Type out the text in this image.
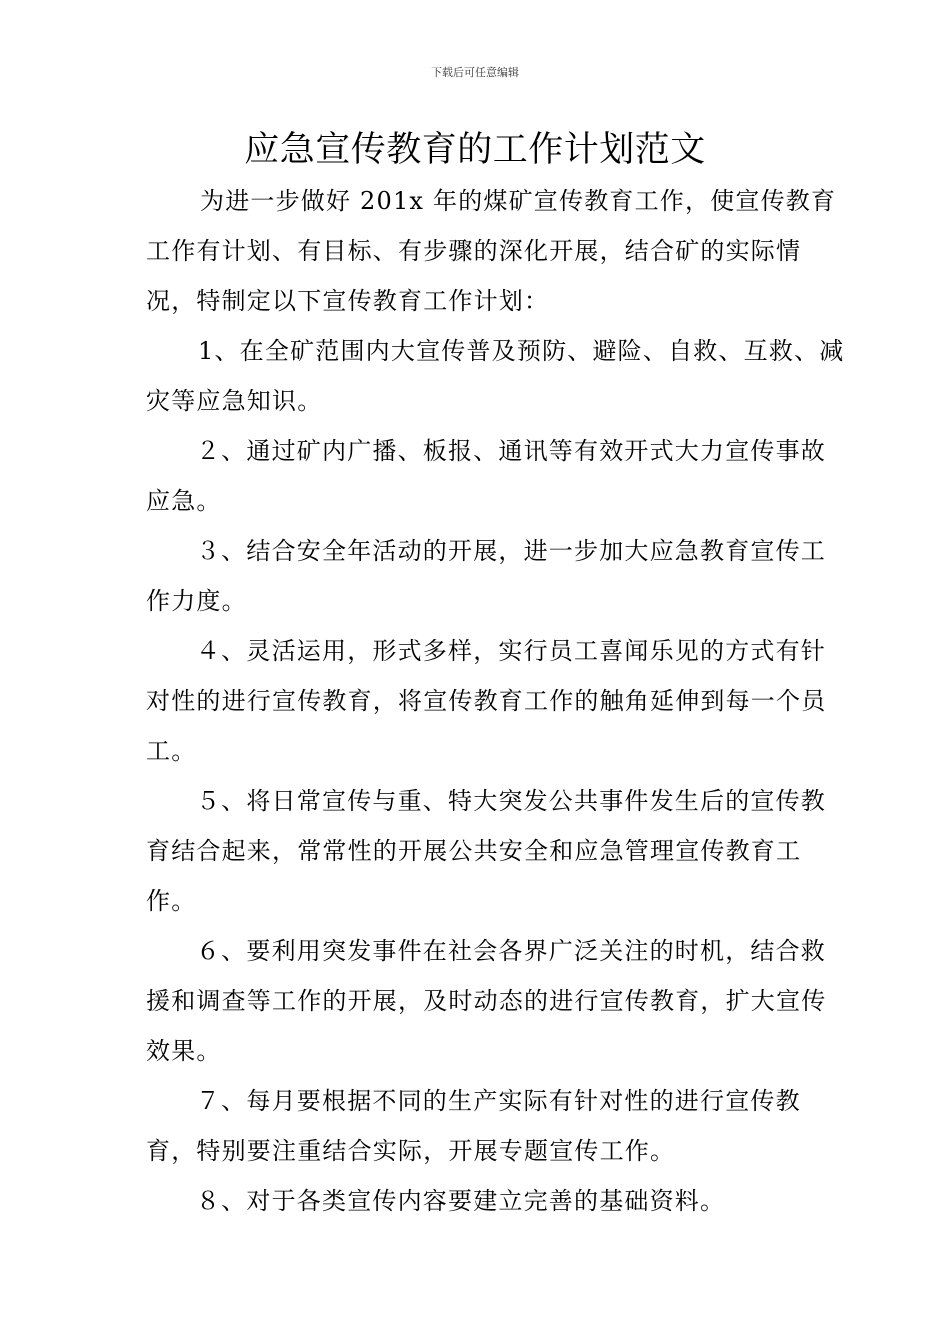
下载后可任意编辑
应急宣传教育的工作计划范文

为进一步做好 201x 年的煤矿宣传教育工作，使宣传教育工作有计划、有目标、有步骤的深化开展，结合矿的实际情况，特制定以下宣传教育工作计划：

1、在全矿范围内大宣传普及预防、避险、自救、互救、减灾等应急知识。

２、通过矿内广播、板报、通讯等有效开式大力宣传事故应急。

３、结合安全年活动的开展，进一步加大应急教育宣传工作力度。

４、灵活运用，形式多样，实行员工喜闻乐见的方式有针对性的进行宣传教育，将宣传教育工作的触角延伸到每一个员工。

５、将日常宣传与重、特大突发公共事件发生后的宣传教育结合起来，常常性的开展公共安全和应急管理宣传教育工作。

６、要利用突发事件在社会各界广泛关注的时机，结合救援和调查等工作的开展，及时动态的进行宣传教育，扩大宣传效果。

７、每月要根据不同的生产实际有针对性的进行宣传教育，特别要注重结合实际，开展专题宣传工作。

８、对于各类宣传内容要建立完善的基础资料。
